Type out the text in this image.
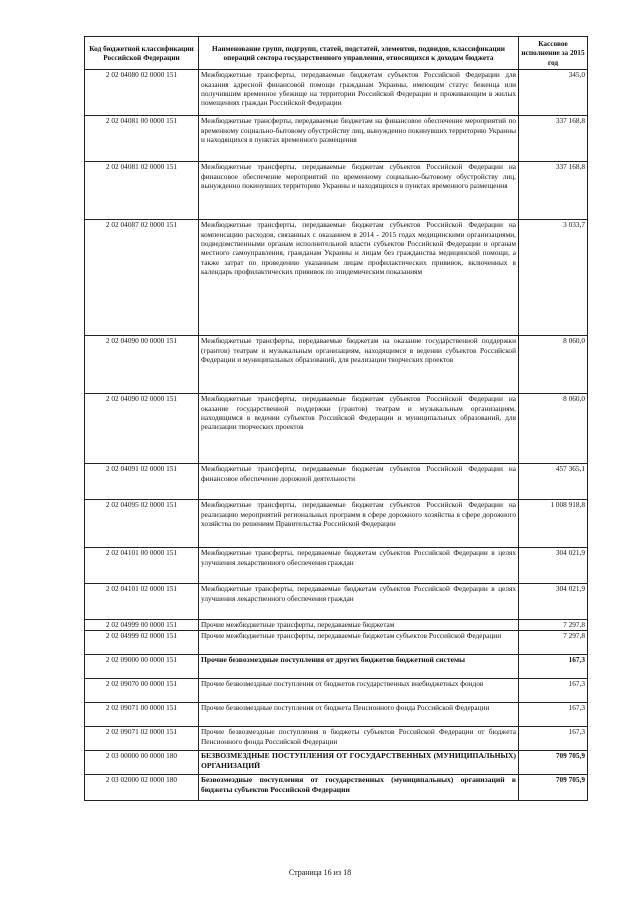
Код бюджетной классификации Российской Федерации	Наименование групп, подгрупп, статей, подстатей, элементов, подвидов, классификации операций сектора государственного управления, относящихся к доходам бюджета	Кассовое исполнение за 2015 год
2 02 04080 02 0000 151	Межбюджетные трансферты, передаваемые бюджетам субъектов Российской Федерации для оказания адресной финансовой помощи гражданам Украины, имеющим статус беженца или получившим временное убежище на территории Российской Федерации и проживающим в жилых помещениях граждан Российской Федерации	345,0
2 02 04081 00 0000 151	Межбюджетные трансферты, передаваемые бюджетам на финансовое обеспечение мероприятий по временному социально-бытовому обустройству лиц, вынужденно покинувших территорию Украины и находящихся в пунктах временного размещения	337 168,8
2 02 04081 02 0000 151	Межбюджетные трансферты, передаваемые бюджетам субъектов Российской Федерации на финансовое обеспечение мероприятий по временному социально-бытовому обустройству лиц, вынужденно покинувших территорию Украины и находящихся в пунктах временного размещения	337 168,8
2 02 04087 02 0000 151	Межбюджетные трансферты, передаваемые бюджетам субъектов Российской Федерации на компенсацию расходов, связанных с оказанием в 2014 - 2015 годах медицинскими организациями, подведомственными органам исполнительной власти субъектов Российской Федерации и органам местного самоуправления, гражданам Украины и лицам без гражданства медицинской помощи, а также затрат по проведению указанным лицам профилактических прививок, включенных в календарь профилактических прививок по эпидемическим показаниям	3 033,7
2 02 04090 00 0000 151	Межбюджетные трансферты, передаваемые бюджетам на оказание государственной поддержки (грантов) театрам и музыкальным организациям, находящимся в ведении субъектов Российской Федерации и муниципальных образований, для реализации творческих проектов	8 060,0
2 02 04090 02 0000 151	Межбюджетные трансферты, передаваемые бюджетам субъектов Российской Федерации на оказание государственной поддержки (грантов) театрам и музыкальным организациям, находящимся в ведении субъектов Российской Федерации и муниципальных образований, для реализации творческих проектов	8 060,0
2 02 04091 02 0000 151	Межбюджетные трансферты, передаваемые бюджетам субъектов Российской Федерации на финансовое обеспечение дорожной деятельности	457 365,1
2 02 04095 02 0000 151	Межбюджетные трансферты, передаваемые бюджетам субъектов Российской Федерации на реализацию мероприятий региональных программ в сфере дорожного хозяйства в сфере дорожного хозяйства по решениям Правительства Российской Федерации	1 008 918,8
2 02 04101 00 0000 151	Межбюджетные трансферты, передаваемые бюджетам субъектов Российской Федерации в целях улучшения лекарственного обеспечения граждан	304 021,9
2 02 04101 02 0000 151	Межбюджетные трансферты, передаваемые бюджетам субъектов Российской Федерации в целях улучшения лекарственного обеспечения граждан	304 021,9
2 02 04999 00 0000 151	Прочие межбюджетные трансферты, передаваемые бюджетам	7 297,8
2 02 04999 02 0000 151	Прочие межбюджетные трансферты, передаваемые бюджетам субъектов Российской Федерации	7 297,8
2 02 09000 00 0000 151	Прочие безвозмездные поступления от других бюджетов бюджетной системы	167,3
2 02 09070 00 0000 151	Прочие безвозмездные поступления от бюджетов государственных внебюджетных фондов	167,3
2 02 09071 00 0000 151	Прочие безвозмездные поступления от бюджета Пенсионного фонда Российской Федерации	167,3
2 02 09071 02 0000 151	Прочие безвозмездные поступления в бюджеты субъектов Российской Федерации от бюджета Пенсионного фонда Российской Федерации	167,3
2 03 00000 00 0000 180	БЕЗВОЗМЕЗДНЫЕ ПОСТУПЛЕНИЯ ОТ ГОСУДАРСТВЕННЫХ (МУНИЦИПАЛЬНЫХ) ОРГАНИЗАЦИЙ	709 705,9
2 03 02000 02 0000 180	Безвозмездные поступления от государственных (муниципальных) организаций в бюджеты субъектов Российской Федерации	709 705,9
Страница 16 из 18
